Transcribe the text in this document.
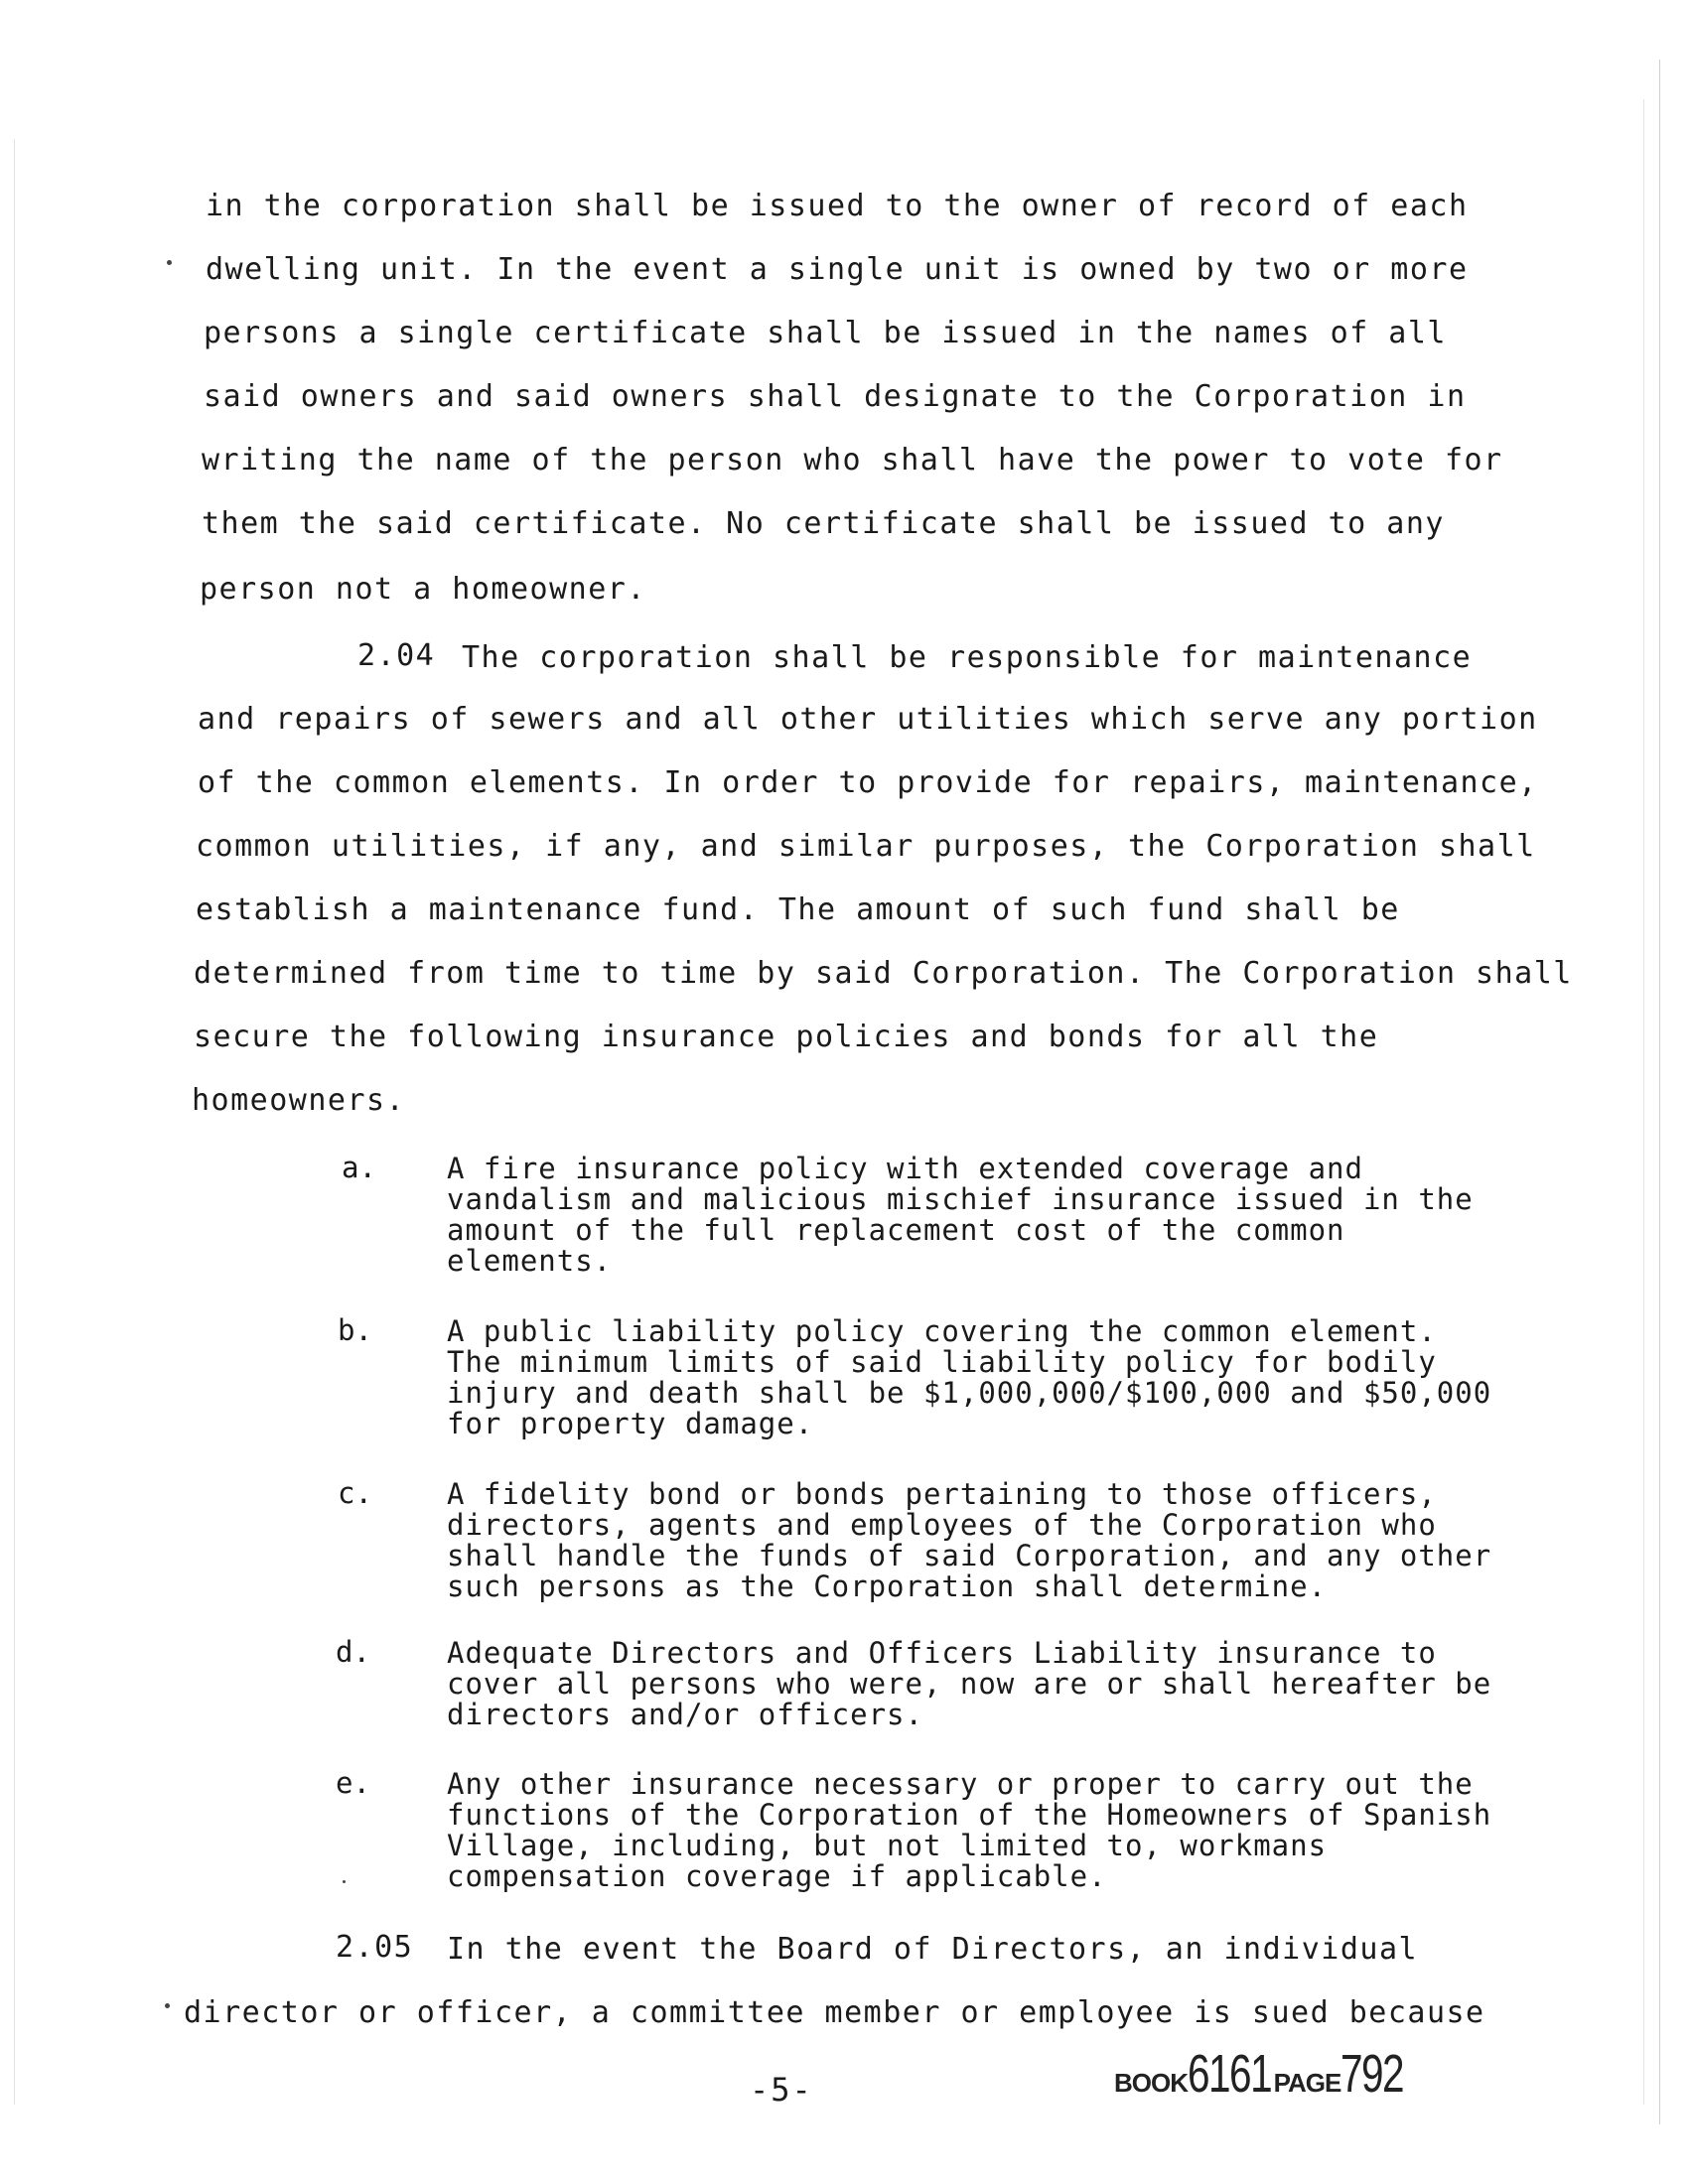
in the corporation shall be issued to the owner of record of each
dwelling unit. In the event a single unit is owned by two or more
persons a single certificate shall be issued in the names of all
said owners and said owners shall designate to the Corporation in
writing the name of the person who shall have the power to vote for
them the said certificate. No certificate shall be issued to any
person not a homeowner.
2.04 The corporation shall be responsible for maintenance
and repairs of sewers and all other utilities which serve any portion
of the common elements. In order to provide for repairs, maintenance,
common utilities, if any, and similar purposes, the Corporation shall
establish a maintenance fund. The amount of such fund shall be
determined from time to time by said Corporation. The Corporation shall
secure the following insurance policies and bonds for all the
homeowners.
a. A fire insurance policy with extended coverage and vandalism and malicious mischief insurance issued in the amount of the full replacement cost of the common elements.
b.	A public liability policy covering the common element. The minimum limits of said liability policy for bodily injury and death shall be $1,000,000/$100,000 and $50,000 for property damage.
c.	A fidelity bond or bonds pertaining to those officers, directors, agents and employees of the Corporation who shall handle the funds of said Corporation, and any other such persons as the Corporation shall determine.
d.	Adequate Directors and Officers Liability insurance to cover all persons who were, now are or shall hereafter be directors and/or officers.
e.	Any other insurance necessary or proper to carry out the functions of the Corporation of the Homeowners of Spanish Village, including, but not limited to, workmans compensation coverage if applicable.
2.05 In the event the Board of Directors, an individual
director or officer, a committee member or employee is sued because
-5-	BOOK6161 PAGE792
